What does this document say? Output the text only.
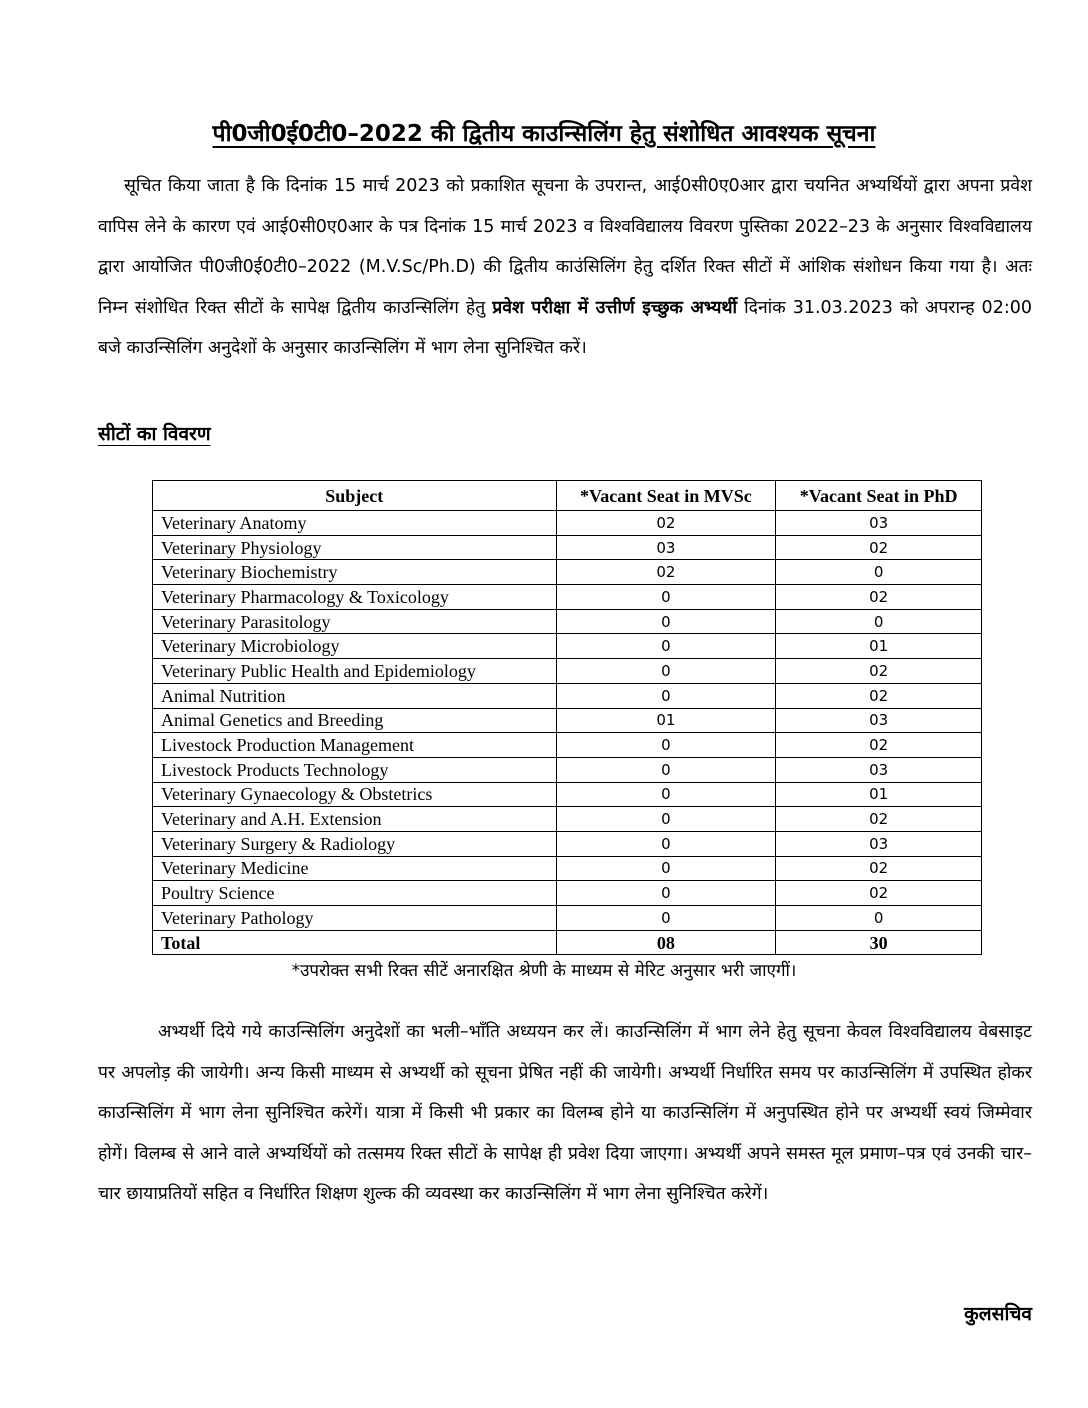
पी0जी0ई0टी0–2022 की द्वितीय काउन्सिलिंग हेतु संशोधित आवश्यक सूचना
सूचित किया जाता है कि दिनांक 15 मार्च 2023 को प्रकाशित सूचना के उपरान्त, आई0सी0ए0आर द्वारा चयनित अभ्यर्थियों द्वारा अपना प्रवेश वापिस लेने के कारण एवं आई0सी0ए0आर के पत्र दिनांक 15 मार्च 2023 व विश्वविद्यालय विवरण पुस्तिका 2022–23 के अनुसार विश्वविद्यालय द्वारा आयोजित पी0जी0ई0टी0–2022 (M.V.Sc/Ph.D) की द्वितीय काउंसिलिंग हेतु दर्शित रिक्त सीटों में आंशिक संशोधन किया गया है। अतः निम्न संशोधित रिक्त सीटों के सापेक्ष द्वितीय काउन्सिलिंग हेतु प्रवेश परीक्षा में उत्तीर्ण इच्छुक अभ्यर्थी दिनांक 31.03.2023 को अपरान्ह 02:00 बजे काउन्सिलिंग अनुदेशों के अनुसार काउन्सिलिंग में भाग लेना सुनिश्चित करें।
सीटों का विवरण
Subject	*Vacant Seat in MVSc	*Vacant Seat in PhD
Veterinary Anatomy	02	03
Veterinary Physiology	03	02
Veterinary Biochemistry	02	0
Veterinary Pharmacology & Toxicology	0	02
Veterinary Parasitology	0	0
Veterinary Microbiology	0	01
Veterinary Public Health and Epidemiology	0	02
Animal Nutrition	0	02
Animal Genetics and Breeding	01	03
Livestock Production Management	0	02
Livestock Products Technology	0	03
Veterinary Gynaecology & Obstetrics	0	01
Veterinary and A.H. Extension	0	02
Veterinary Surgery & Radiology	0	03
Veterinary Medicine	0	02
Poultry Science	0	02
Veterinary Pathology	0	0
Total	08	30
*उपरोक्त सभी रिक्त सीटें अनारक्षित श्रेणी के माध्यम से मेरिट अनुसार भरी जाएगीं।
अभ्यर्थी दिये गये काउन्सिलिंग अनुदेशों का भली–भाँति अध्ययन कर लें। काउन्सिलिंग में भाग लेने हेतु सूचना केवल विश्वविद्यालय वेबसाइट पर अपलोड़ की जायेगी। अन्य किसी माध्यम से अभ्यर्थी को सूचना प्रेषित नहीं की जायेगी। अभ्यर्थी निर्धारित समय पर काउन्सिलिंग में उपस्थित होकर काउन्सिलिंग में भाग लेना सुनिश्चित करेगें। यात्रा में किसी भी प्रकार का विलम्ब होने या काउन्सिलिंग में अनुपस्थित होने पर अभ्यर्थी स्वयं जिम्मेवार होगें। विलम्ब से आने वाले अभ्यर्थियों को तत्समय रिक्त सीटों के सापेक्ष ही प्रवेश दिया जाएगा। अभ्यर्थी अपने समस्त मूल प्रमाण–पत्र एवं उनकी चार–चार छायाप्रतियों सहित व निर्धारित शिक्षण शुल्क की व्यवस्था कर काउन्सिलिंग में भाग लेना सुनिश्चित करेगें।
कुलसचिव
